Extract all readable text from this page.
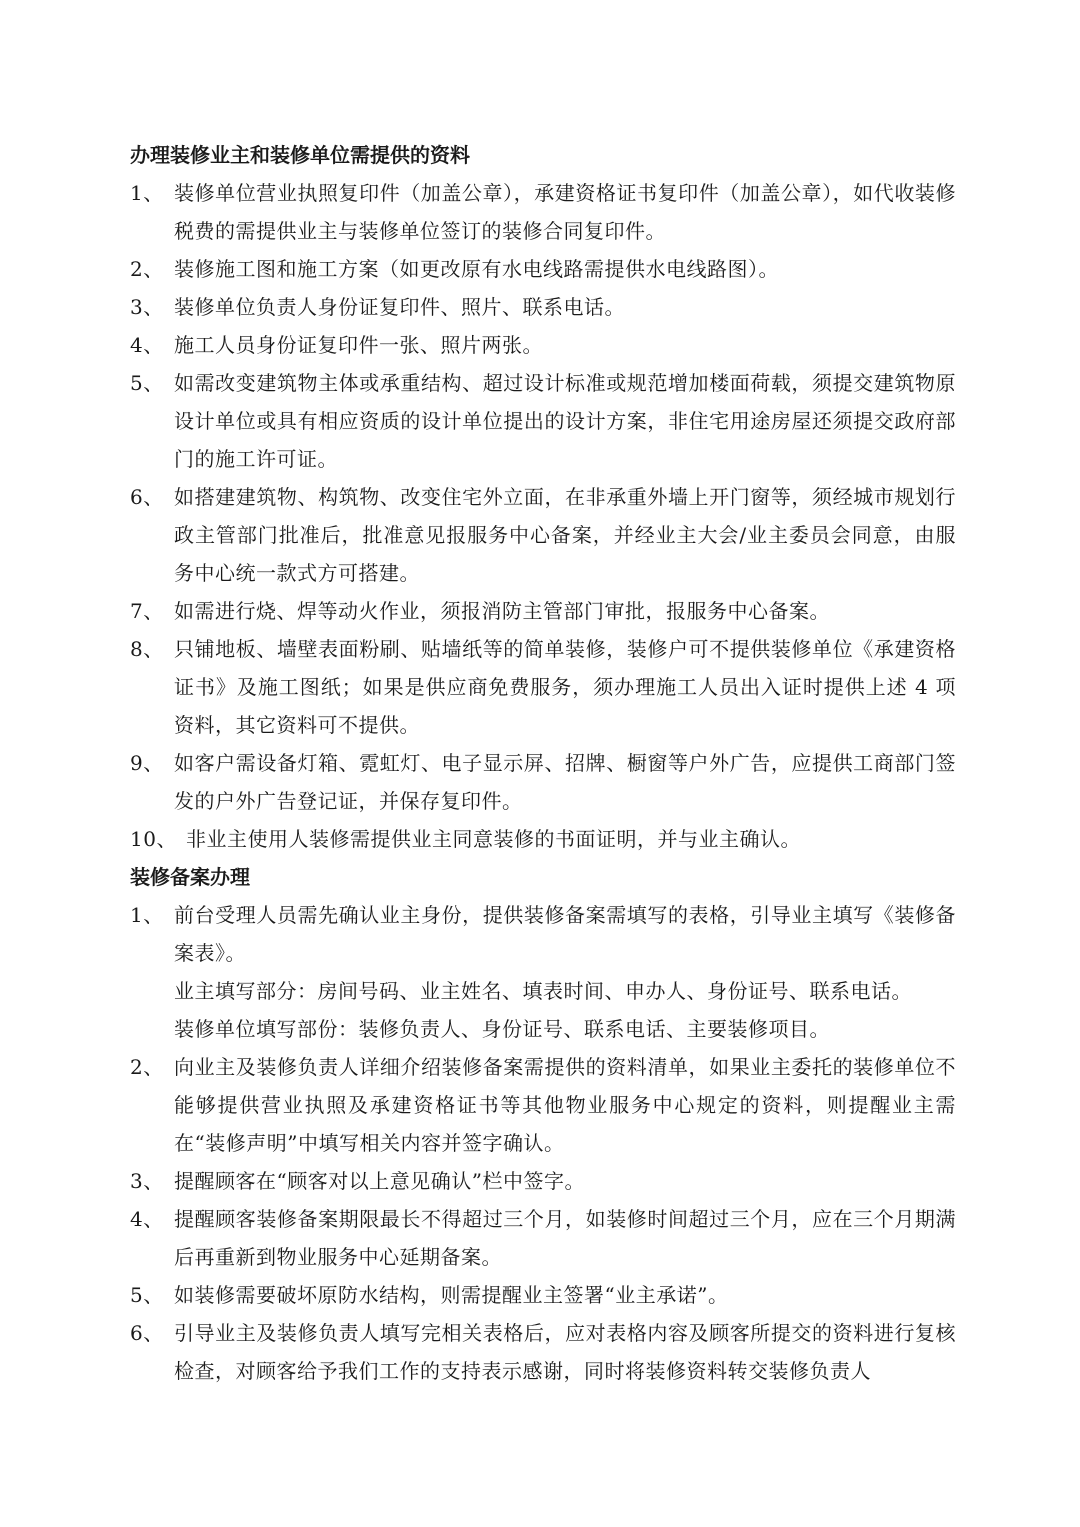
办理装修业主和装修单位需提供的资料

1、 装修单位营业执照复印件（加盖公章），承建资格证书复印件（加盖公章），如代收装修税费的需提供业主与装修单位签订的装修合同复印件。

2、 装修施工图和施工方案（如更改原有水电线路需提供水电线路图）。

3、 装修单位负责人身份证复印件、照片、联系电话。

4、 施工人员身份证复印件一张、照片两张。

5、 如需改变建筑物主体或承重结构、超过设计标准或规范增加楼面荷载，须提交建筑物原设计单位或具有相应资质的设计单位提出的设计方案，非住宅用途房屋还须提交政府部门的施工许可证。

6、 如搭建建筑物、构筑物、改变住宅外立面，在非承重外墙上开门窗等，须经城市规划行政主管部门批准后，批准意见报服务中心备案，并经业主大会/业主委员会同意，由服务中心统一款式方可搭建。

7、 如需进行烧、焊等动火作业，须报消防主管部门审批，报服务中心备案。

8、 只铺地板、墙壁表面粉刷、贴墙纸等的简单装修，装修户可不提供装修单位《承建资格证书》及施工图纸；如果是供应商免费服务，须办理施工人员出入证时提供上述 4 项资料，其它资料可不提供。

9、 如客户需设备灯箱、霓虹灯、电子显示屏、招牌、橱窗等户外广告，应提供工商部门签发的户外广告登记证，并保存复印件。

10、 非业主使用人装修需提供业主同意装修的书面证明，并与业主确认。

装修备案办理

1、 前台受理人员需先确认业主身份，提供装修备案需填写的表格，引导业主填写《装修备案表》。

业主填写部分：房间号码、业主姓名、填表时间、申办人、身份证号、联系电话。

装修单位填写部份：装修负责人、身份证号、联系电话、主要装修项目。

2、 向业主及装修负责人详细介绍装修备案需提供的资料清单，如果业主委托的装修单位不能够提供营业执照及承建资格证书等其他物业服务中心规定的资料，则提醒业主需在“装修声明”中填写相关内容并签字确认。

3、 提醒顾客在“顾客对以上意见确认”栏中签字。

4、 提醒顾客装修备案期限最长不得超过三个月，如装修时间超过三个月，应在三个月期满后再重新到物业服务中心延期备案。

5、 如装修需要破坏原防水结构，则需提醒业主签署“业主承诺”。

6、 引导业主及装修负责人填写完相关表格后，应对表格内容及顾客所提交的资料进行复核检查，对顾客给予我们工作的支持表示感谢，同时将装修资料转交装修负责人
